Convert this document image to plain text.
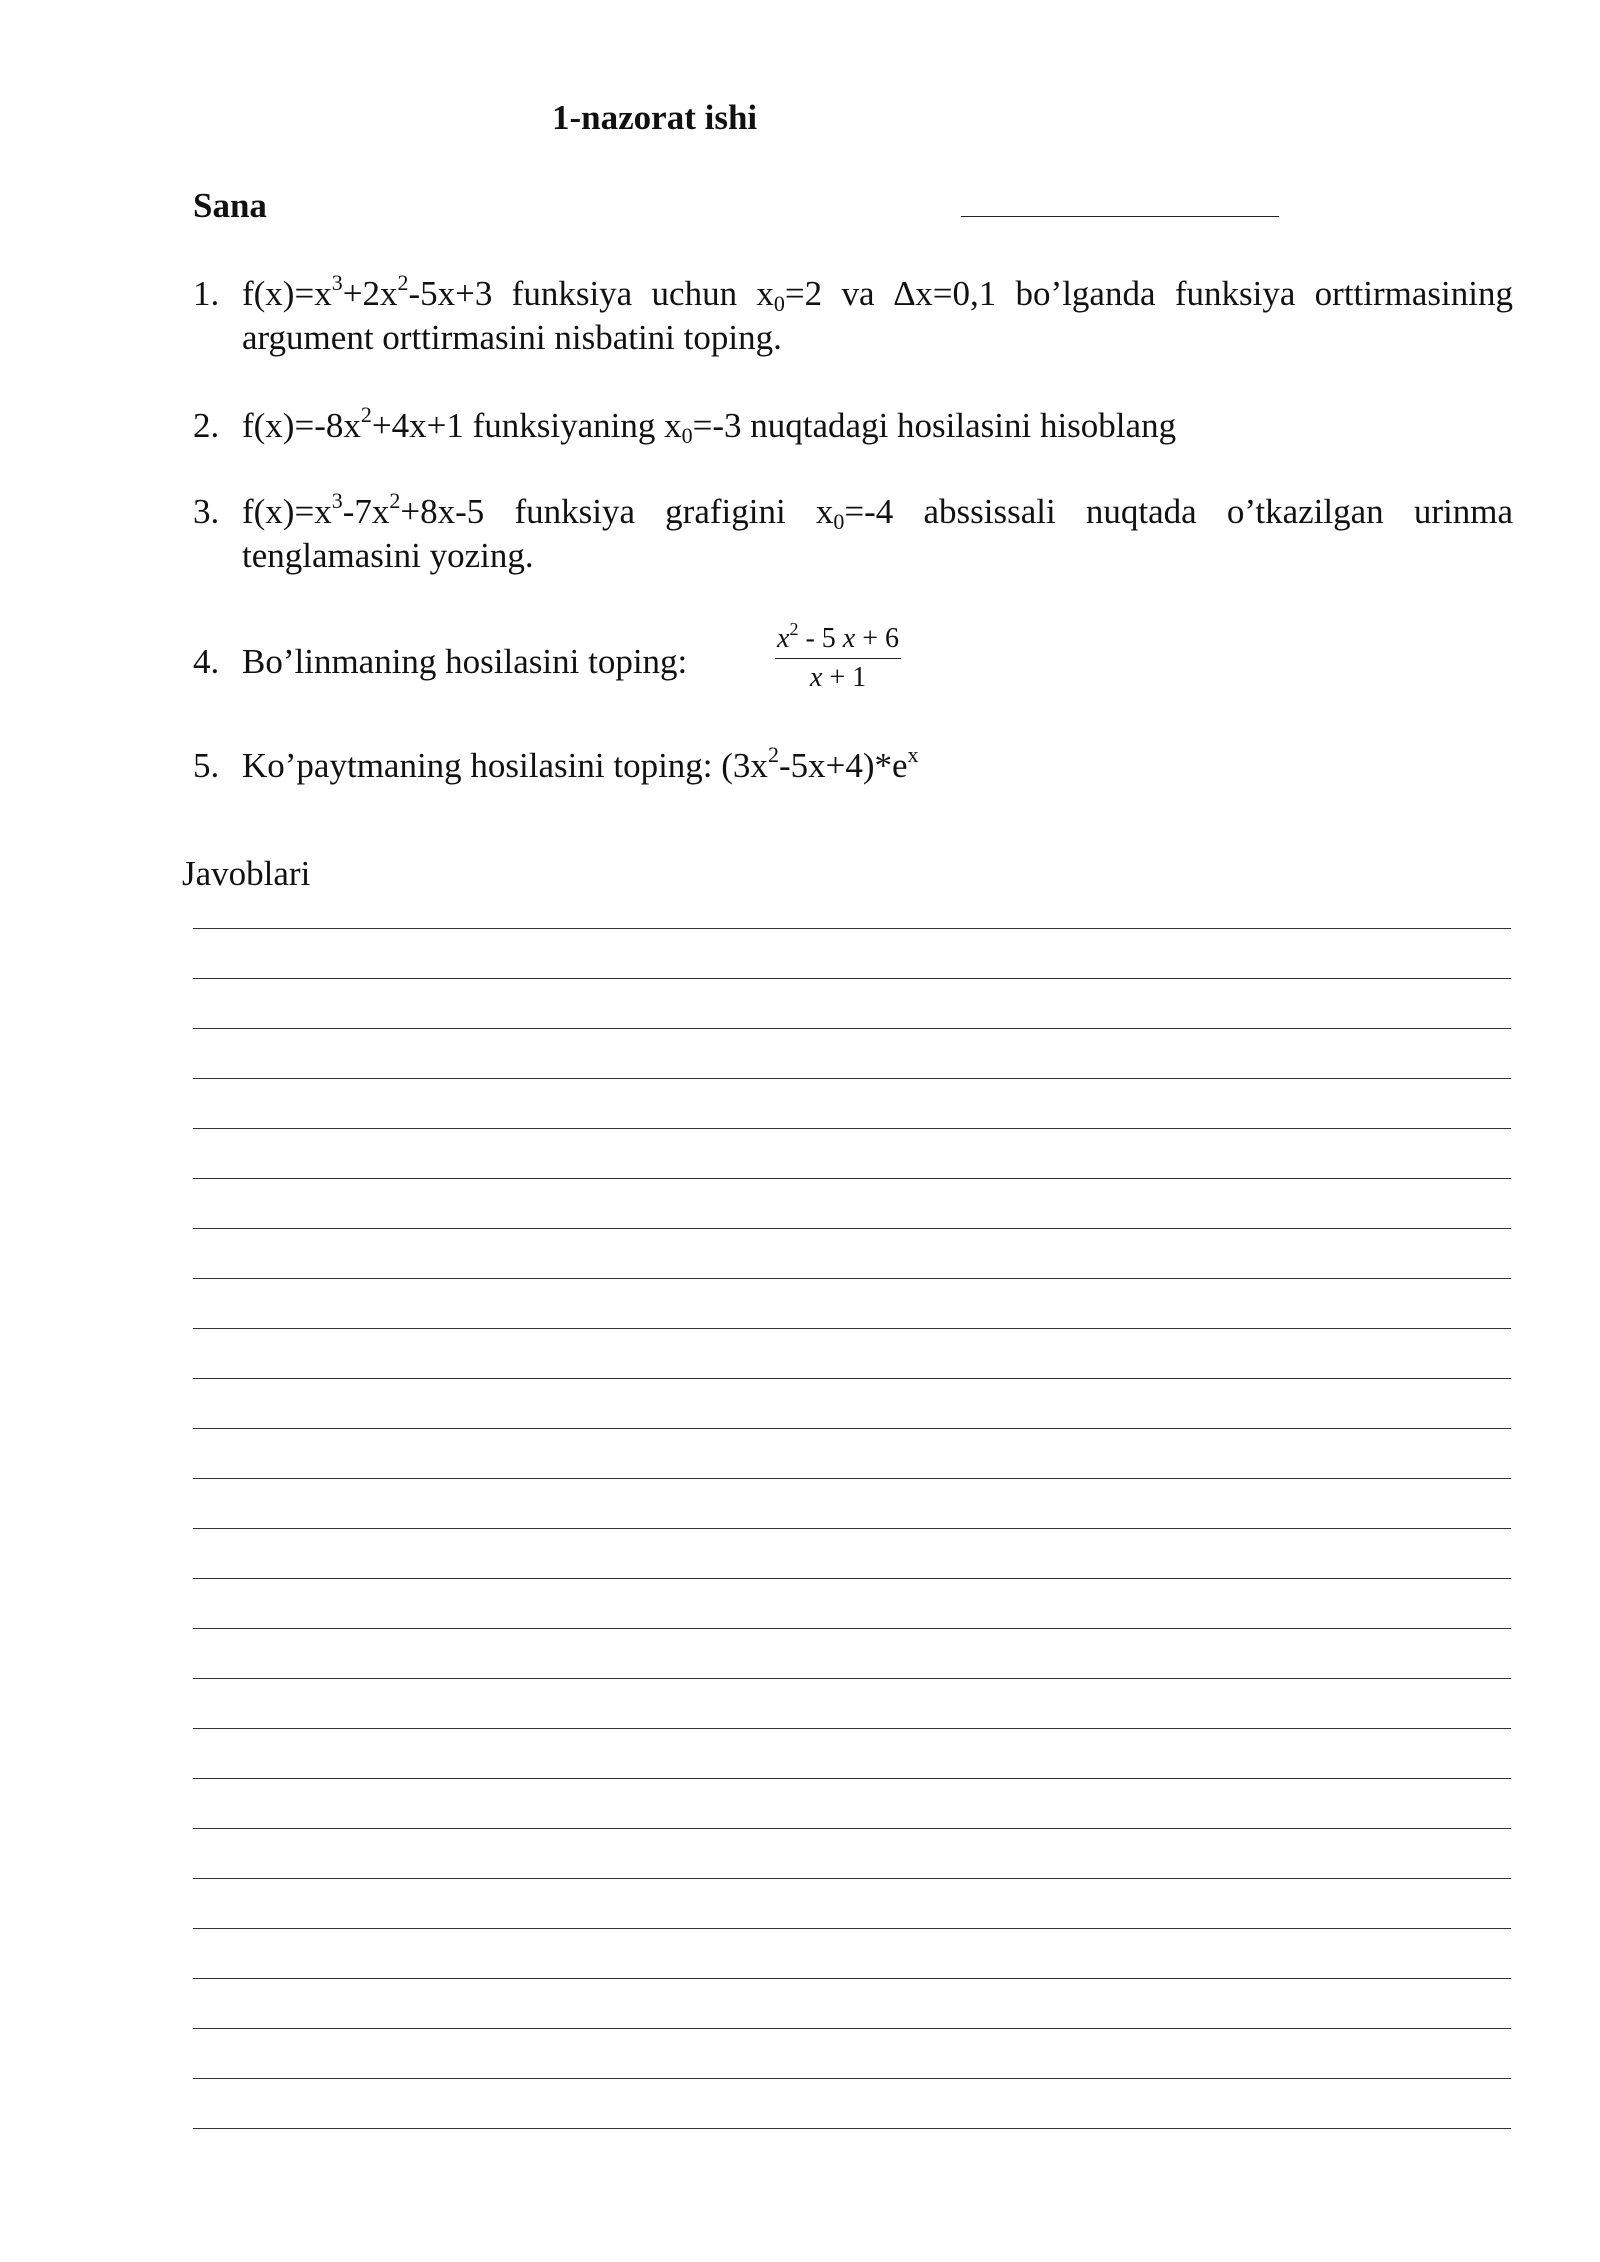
1-nazorat ishi
Sana
1. $f(x)=x^3+2x^2-5x+3$ funksiya uchun $x_0=2$ va ∆x=0,1 bo’lganda funksiya orttirmasining argument orttirmasini nisbatini toping.
2. $f(x)=-8x^2+4x+1$ funksiyaning $x_0=-3$ nuqtadagi hosilasini hisoblang
3. $f(x)=x^3-7x^2+8x-5$ funksiya grafigini $x_0=-4$ abssissali nuqtada o’tkazilgan urinma tenglamasini yozing.
4. Bo’linmaning hosilasini toping:
$x^2 - 5$ x + 6
x + 1
5. Ko’paytmaning hosilasini toping: $(3x^2-5x+4)*e^x$
Javoblari
